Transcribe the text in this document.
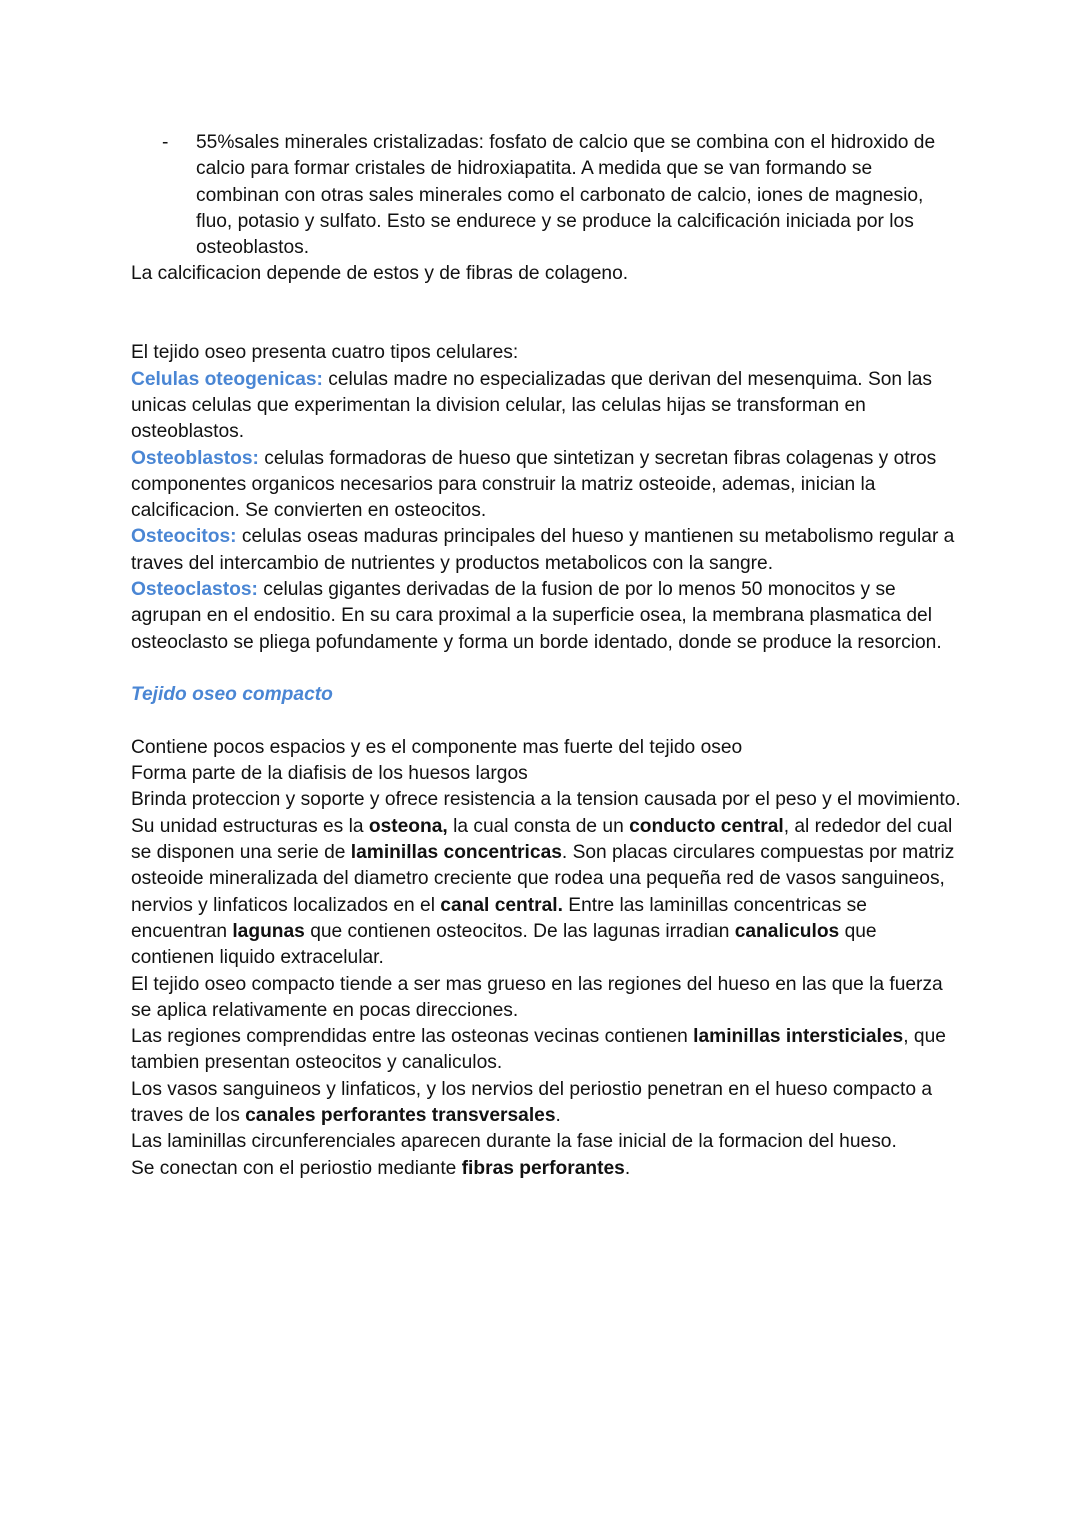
- 55%sales minerales cristalizadas: fosfato de calcio que se combina con el hidroxido de calcio para formar cristales de hidroxiapatita. A medida que se van formando se combinan con otras sales minerales como el carbonato de calcio, iones de magnesio, fluo, potasio y sulfato. Esto se endurece y se produce la calcificación iniciada por los osteoblastos.

La calcificacion depende de estos y de fibras de colageno.

El tejido oseo presenta cuatro tipos celulares:

Celulas oteogenicas: celulas madre no especializadas que derivan del mesenquima. Son las unicas celulas que experimentan la division celular, las celulas hijas se transforman en osteoblastos.

Osteoblastos: celulas formadoras de hueso que sintetizan y secretan fibras colagenas y otros componentes organicos necesarios para construir la matriz osteoide, ademas, inician la calcificacion. Se convierten en osteocitos.

Osteocitos: celulas oseas maduras principales del hueso y mantienen su metabolismo regular a traves del intercambio de nutrientes y productos metabolicos con la sangre.

Osteoclastos: celulas gigantes derivadas de la fusion de por lo menos 50 monocitos y se agrupan en el endositio. En su cara proximal a la superficie osea, la membrana plasmatica del osteoclasto se pliega pofundamente y forma un borde identado, donde se produce la resorcion.

Tejido oseo compacto

Contiene pocos espacios y es el componente mas fuerte del tejido oseo

Forma parte de la diafisis de los huesos largos

Brinda proteccion y soporte y ofrece resistencia a la tension causada por el peso y el movimiento.

Su unidad estructuras es la osteona, la cual consta de un conducto central, al rededor del cual se disponen una serie de laminillas concentricas. Son placas circulares compuestas por matriz osteoide mineralizada del diametro creciente que rodea una pequeña red de vasos sanguineos, nervios y linfaticos localizados en el canal central. Entre las laminillas concentricas se encuentran lagunas que contienen osteocitos. De las lagunas irradian canaliculos que contienen liquido extracelular.

El tejido oseo compacto tiende a ser mas grueso en las regiones del hueso en las que la fuerza se aplica relativamente en pocas direcciones.

Las regiones comprendidas entre las osteonas vecinas contienen laminillas intersticiales, que tambien presentan osteocitos y canaliculos.

Los vasos sanguineos y linfaticos, y los nervios del periostio penetran en el hueso compacto a traves de los canales perforantes transversales.

Las laminillas circunferenciales aparecen durante la fase inicial de la formacion del hueso.

Se conectan con el periostio mediante fibras perforantes.
